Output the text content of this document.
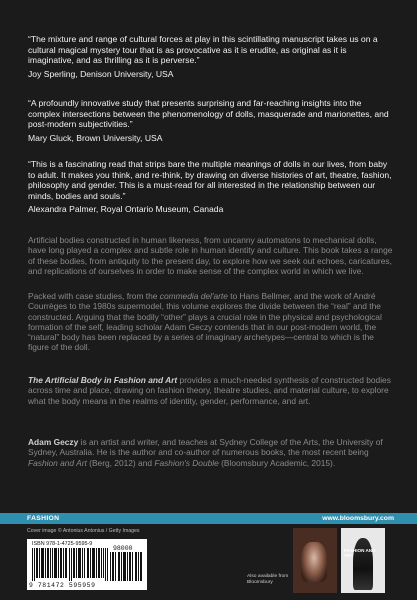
“The mixture and range of cultural forces at play in this scintillating manuscript takes us on a cultural magical mystery tour that is as provocative as it is erudite, as original as it is imaginative, and as thrilling as it is perverse.”

Joy Sperling, Denison University, USA

“A profoundly innovative study that presents surprising and far-reaching insights into the complex intersections between the phenomenology of dolls, masquerade and marionettes, and post-modern subjectivities.”

Mary Gluck, Brown University, USA

“This is a fascinating read that strips bare the multiple meanings of dolls in our lives, from baby to adult. It makes you think, and re-think, by drawing on diverse histories of art, theatre, fashion, philosophy and gender. This is a must-read for all interested in the relationship between our minds, bodies and souls.”

Alexandra Palmer, Royal Ontario Museum, Canada

Artificial bodies constructed in human likeness, from uncanny automatons to mechanical dolls, have long played a complex and subtle role in human identity and culture. This book takes a range of these bodies, from antiquity to the present day, to explore how we seek out echoes, caricatures, and replications of ourselves in order to make sense of the complex world in which we live.

Packed with case studies, from the commedia del'arte to Hans Bellmer, and the work of André Courrèges to the 1980s supermodel, this volume explores the divide between the “real” and the constructed. Arguing that the bodily “other” plays a crucial role in the physical and psychological formation of the self, leading scholar Adam Geczy contends that in our post-modern world, the “natural” body has been replaced by a series of imaginary archetypes—central to which is the figure of the doll.

The Artificial Body in Fashion and Art provides a much-needed synthesis of constructed bodies across time and place, drawing on fashion theory, theatre studies, and material culture, to explore what the body means in the realms of identity, gender, performance, and art.

Adam Geczy is an artist and writer, and teaches at Sydney College of the Arts, the University of Sydney, Australia. He is the author and co-author of numerous books, the most recent being Fashion and Art (Berg, 2012) and Fashion's Double (Bloomsbury Academic, 2015).

FASHION	www.bloomsbury.com
Cover image © Antonius Antonius / Getty Images
ISBN 978-1-4725-9595-9
98000
9 781472 595959
Also available from Bloomsbury
FASHION AND ART
